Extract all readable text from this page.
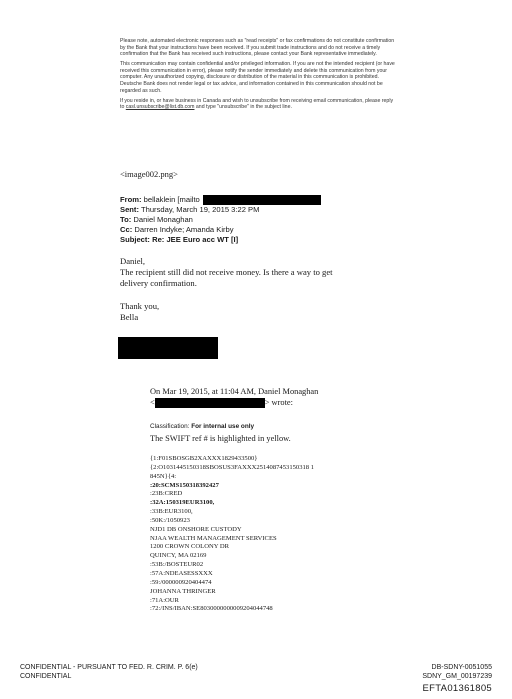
Please note, automated electronic responses such as "read receipts" or fax confirmations do not constitute confirmation by the Bank that your instructions have been received. If you submit trade instructions and do not receive a timely confirmation that the Bank has received such instructions, please contact your Bank representative immediately.

This communication may contain confidential and/or privileged information. If you are not the intended recipient (or have received this communication in error), please notify the sender immediately and delete this communication from your computer. Any unauthorized copying, disclosure or distribution of the material in this communication is prohibited. Deutsche Bank does not render legal or tax advice, and information contained in this communication should not be regarded as such.

If you reside in, or have business in Canada and wish to unsubscribe from receiving email communication, please reply to casl.unsubscribe@list.db.com and type "unsubscribe" in the subject line.

<image002.png>
From: bellaklein [mailto
Sent: Thursday, March 19, 2015 3:22 PM
To: Daniel Monaghan
Cc: Darren Indyke; Amanda Kirby
Subject: Re: JEE Euro acc WT [I]

Daniel,

The recipient still did not receive money. Is there a way to get

delivery confirmation.

Thank you,

Bella

On Mar 19, 2015, at 11:04 AM, Daniel Monaghan
<	> wrote:
Classification: For internal use only
The SWIFT ref # is highlighted in yellow.
{1:F01SBOSGB2XAXXX1829433500}
{2:O1031445150318SBOSUS3FAXXX2514087453150318 1
845N}{4:
:20:SCMS150318392427
:23B:CRED
:32A:150319EUR3100,
:33B:EUR3100,
:50K:/1050923
NJD1 DB ONSHORE CUSTODY
NJAA WEALTH MANAGEMENT SERVICES
1200 CROWN COLONY DR
QUINCY, MA 02169
:53B:/BOSTEUR02
:57A:NDEASESSXXX
:59:/000000920404474
JOHANNA THRINGER
:71A:OUR
:72:/INS/IBAN:SE8030000000009204044748
CONFIDENTIAL - PURSUANT TO FED. R. CRIM. P. 6(e)
CONFIDENTIAL
DB-SDNY-0051055
SDNY_GM_00197239
EFTA01361805
